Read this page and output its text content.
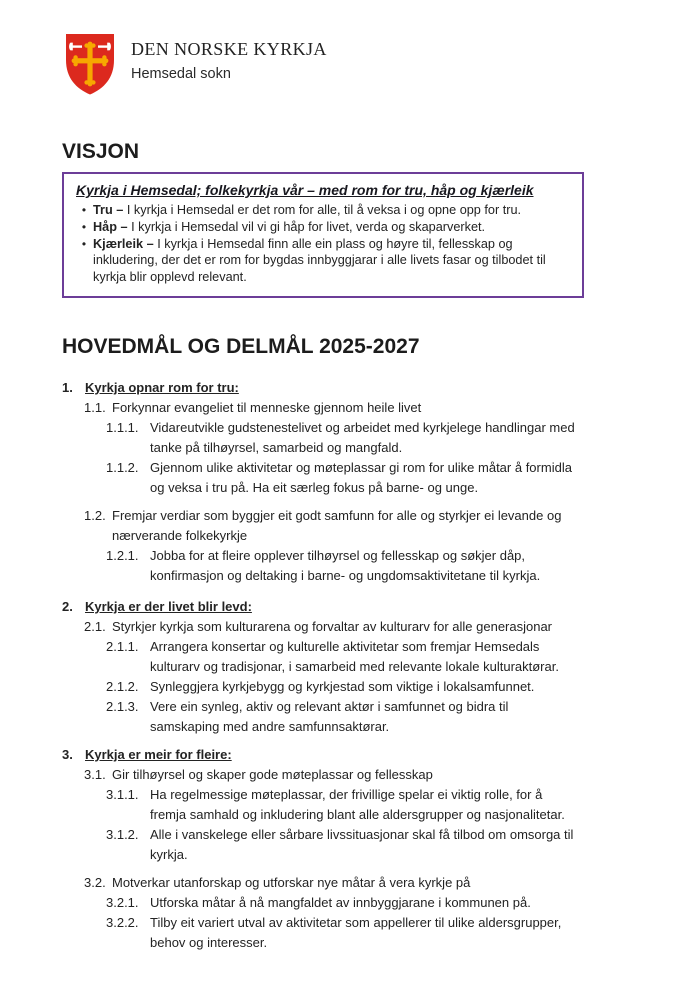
DEN NORSKE KYRKJA
Hemsedal sokn
VISJON

Kyrkja i Hemsedal; folkekyrkja vår – med rom for tru, håp og kjærleik

• Tru – I kyrkja i Hemsedal er det rom for alle, til å veksa i og opne opp for tru.
• Håp – I kyrkja i Hemsedal vil vi gi håp for livet, verda og skaparverket.
• Kjærleik – I kyrkja i Hemsedal finn alle ein plass og høyre til, fellesskap og inkludering, der det er rom for bygdas innbyggjarar i alle livets fasar og tilbodet til kyrkja blir opplevd relevant.
HOVEDMÅL OG DELMÅL 2025-2027
1. Kyrkja opnar rom for tru:
1.1. Forkynnar evangeliet til menneske gjennom heile livet
1.1.1. Vidareutvikle gudstenestelivet og arbeidet med kyrkjelege handlingar med tanke på tilhøyrsel, samarbeid og mangfald.
1.1.2. Gjennom ulike aktivitetar og møteplassar gi rom for ulike måtar å formidla og veksa i tru på. Ha eit særleg fokus på barne- og unge.
1.2. Fremjar verdiar som byggjer eit godt samfunn for alle og styrkjer ei levande og nærverande folkekyrkje
1.2.1. Jobba for at fleire opplever tilhøyrsel og fellesskap og søkjer dåp, konfirmasjon og deltaking i barne- og ungdomsaktivitetane til kyrkja.
2. Kyrkja er der livet blir levd:
2.1. Styrkjer kyrkja som kulturarena og forvaltar av kulturarv for alle generasjonar
2.1.1. Arrangera konsertar og kulturelle aktivitetar som fremjar Hemsedals kulturarv og tradisjonar, i samarbeid med relevante lokale kulturaktørar.
2.1.2. Synleggjera kyrkjebygg og kyrkjestad som viktige i lokalsamfunnet.
2.1.3. Vere ein synleg, aktiv og relevant aktør i samfunnet og bidra til samskaping med andre samfunnsaktørar.
3. Kyrkja er meir for fleire:
3.1. Gir tilhøyrsel og skaper gode møteplassar og fellesskap
3.1.1. Ha regelmessige møteplassar, der frivillige spelar ei viktig rolle, for å fremja samhald og inkludering blant alle aldersgrupper og nasjonalitetar.
3.1.2. Alle i vanskelege eller sårbare livssituasjonar skal få tilbod om omsorga til kyrkja.
3.2. Motverkar utanforskap og utforskar nye måtar å vera kyrkje på
3.2.1. Utforska måtar å nå mangfaldet av innbyggjarane i kommunen på.
3.2.2. Tilby eit variert utval av aktivitetar som appellerer til ulike aldersgrupper, behov og interesser.
